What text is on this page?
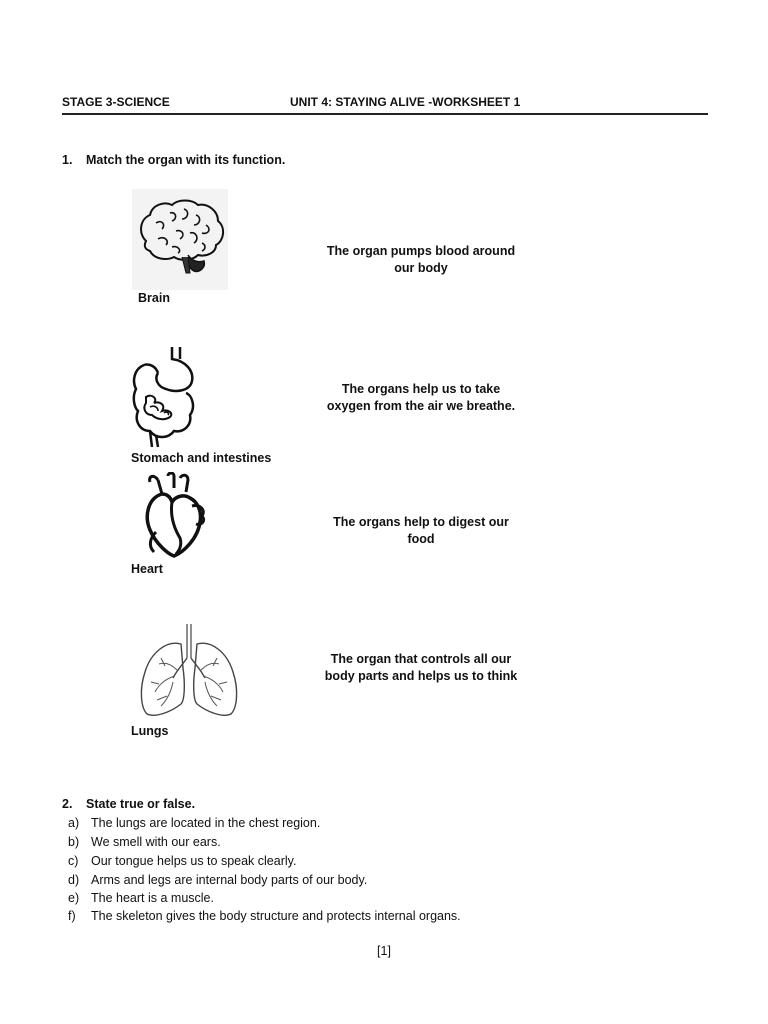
STAGE 3-SCIENCE	UNIT 4: STAYING ALIVE -WORKSHEET 1
1. Match the organ with its function.
Brain
The organ pumps blood around
our body
Stomach and intestines
The organs help us to take
oxygen from the air we breathe.
Heart
The organs help to digest our
food
Lungs
The organ that controls all our
body parts and helps us to think
2. State true or false.
a) The lungs are located in the chest region.
b) We smell with our ears.
c) Our tongue helps us to speak clearly.
d) Arms and legs are internal body parts of our body.
e) The heart is a muscle.
f) The skeleton gives the body structure and protects internal organs.
[1]
